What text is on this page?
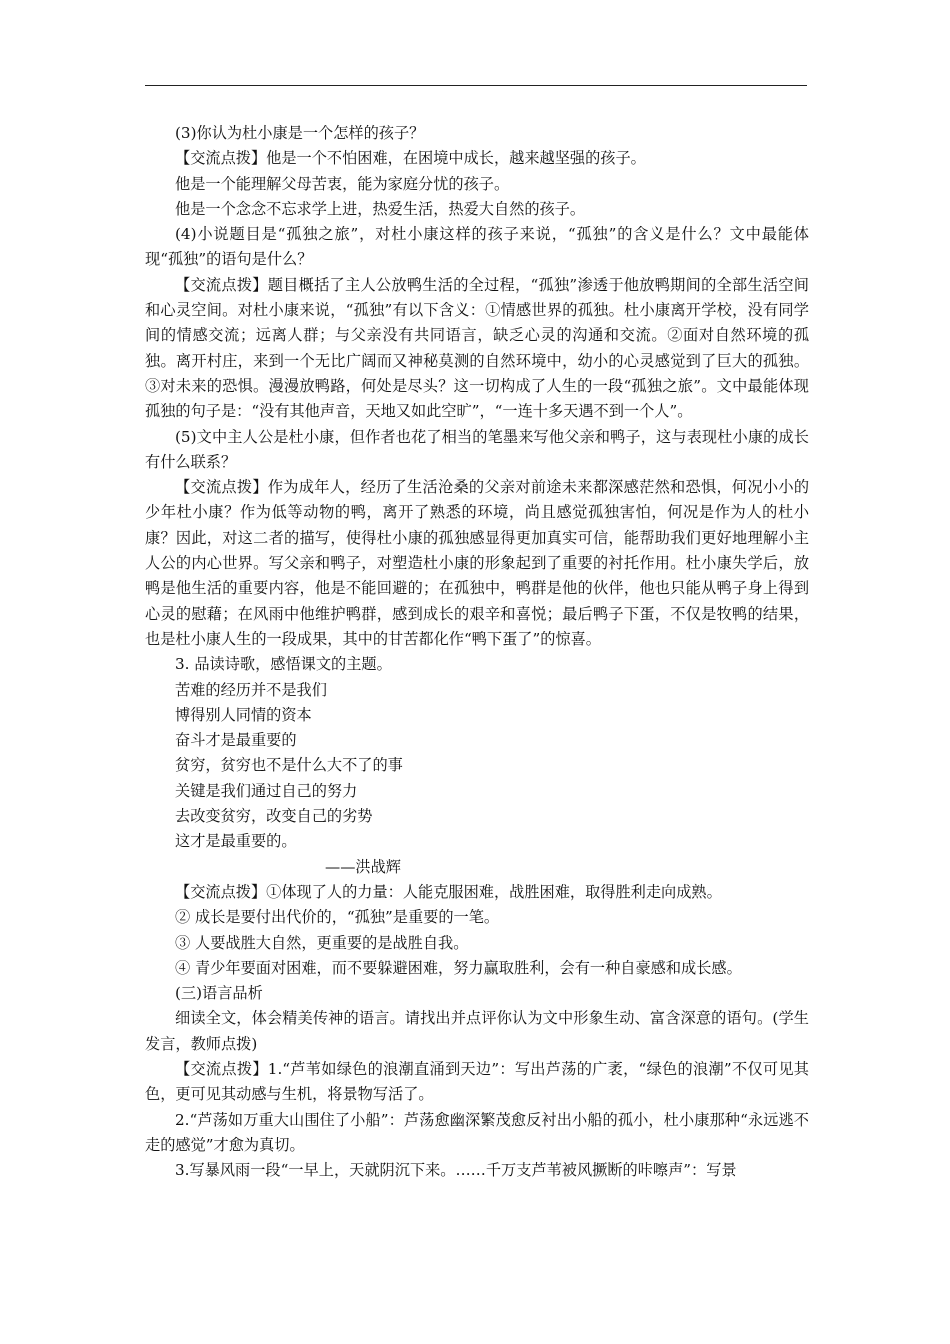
(3)你认为杜小康是一个怎样的孩子？

【交流点拨】他是一个不怕困难，在困境中成长，越来越坚强的孩子。

他是一个能理解父母苦衷，能为家庭分忧的孩子。

他是一个念念不忘求学上进，热爱生活，热爱大自然的孩子。

(4)小说题目是“孤独之旅”，对杜小康这样的孩子来说，“孤独”的含义是什么？文中最能体现“孤独”的语句是什么？

【交流点拨】题目概括了主人公放鸭生活的全过程，“孤独”渗透于他放鸭期间的全部生活空间和心灵空间。对杜小康来说，“孤独”有以下含义：①情感世界的孤独。杜小康离开学校，没有同学间的情感交流；远离人群；与父亲没有共同语言，缺乏心灵的沟通和交流。②面对自然环境的孤独。离开村庄，来到一个无比广阔而又神秘莫测的自然环境中，幼小的心灵感觉到了巨大的孤独。③对未来的恐惧。漫漫放鸭路，何处是尽头？这一切构成了人生的一段“孤独之旅”。文中最能体现孤独的句子是：“没有其他声音，天地又如此空旷”，“一连十多天遇不到一个人”。

(5)文中主人公是杜小康，但作者也花了相当的笔墨来写他父亲和鸭子，这与表现杜小康的成长有什么联系？

【交流点拨】作为成年人，经历了生活沧桑的父亲对前途未来都深感茫然和恐惧，何况小小的少年杜小康？作为低等动物的鸭，离开了熟悉的环境，尚且感觉孤独害怕，何况是作为人的杜小康？因此，对这二者的描写，使得杜小康的孤独感显得更加真实可信，能帮助我们更好地理解小主人公的内心世界。写父亲和鸭子，对塑造杜小康的形象起到了重要的衬托作用。杜小康失学后，放鸭是他生活的重要内容，他是不能回避的；在孤独中，鸭群是他的伙伴，他也只能从鸭子身上得到心灵的慰藉；在风雨中他维护鸭群，感到成长的艰辛和喜悦；最后鸭子下蛋，不仅是牧鸭的结果，也是杜小康人生的一段成果，其中的甘苦都化作“鸭下蛋了”的惊喜。

3. 品读诗歌，感悟课文的主题。

苦难的经历并不是我们

博得别人同情的资本

奋斗才是最重要的

贫穷，贫穷也不是什么大不了的事

关键是我们通过自己的努力

去改变贫穷，改变自己的劣势

这才是最重要的。

——洪战辉

【交流点拨】①体现了人的力量：人能克服困难，战胜困难，取得胜利走向成熟。

② 成长是要付出代价的，“孤独”是重要的一笔。

③ 人要战胜大自然，更重要的是战胜自我。

④ 青少年要面对困难，而不要躲避困难，努力赢取胜利，会有一种自豪感和成长感。

(三)语言品析

细读全文，体会精美传神的语言。请找出并点评你认为文中形象生动、富含深意的语句。(学生发言，教师点拨)

【交流点拨】1.“芦苇如绿色的浪潮直涌到天边”：写出芦荡的广袤，“绿色的浪潮”不仅可见其色，更可见其动感与生机，将景物写活了。

2.“芦荡如万重大山围住了小船”：芦荡愈幽深繁茂愈反衬出小船的孤小，杜小康那种“永远逃不走的感觉”才愈为真切。

3.写暴风雨一段“一早上，天就阴沉下来。……千万支芦苇被风撅断的咔嚓声”：写景
